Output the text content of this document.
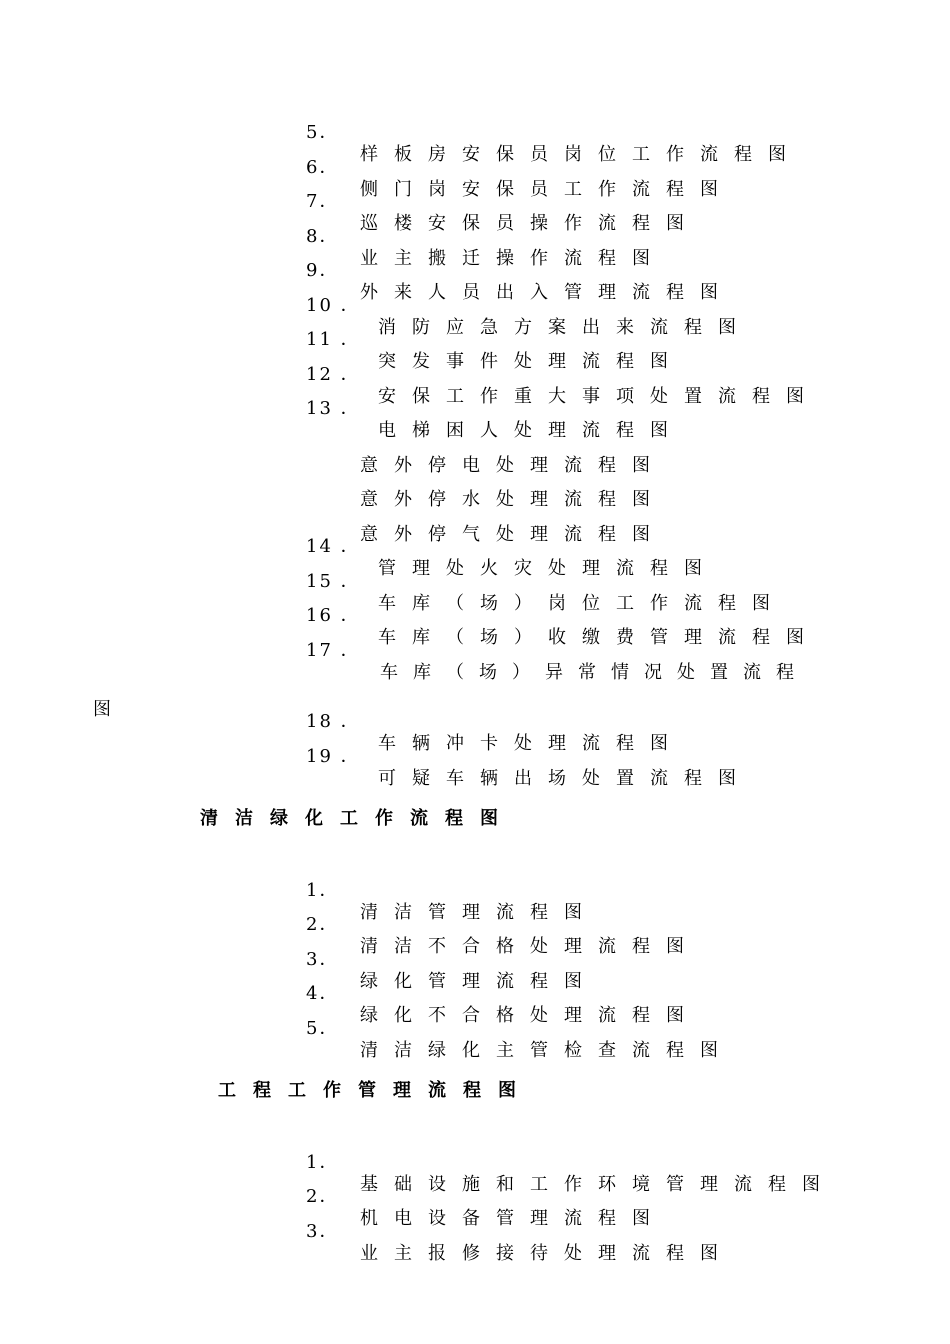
5．

样板房安保员岗位工作流程图

6．

侧门岗安保员工作流程图

7．

巡楼安保员操作流程图

8．

业主搬迁操作流程图

9．

外来人员出入管理流程图

10 ．

消防应急方案出来流程图

11 ．

突发事件处理流程图

12 ．

安保工作重大事项处置流程图

13 ．

电梯困人处理流程图

意外停电处理流程图

意外停水处理流程图

意外停气处理流程图

14 ．

管理处火灾处理流程图

15 ．

车库（场）岗位工作流程图

16 ．

车库（场）收缴费管理流程图

17 ．

车库（场）异常情况处置流程

图

18 ．

车辆冲卡处理流程图

19 ．

可疑车辆出场处置流程图

清洁绿化工作流程图

1．

清洁管理流程图

2．

清洁不合格处理流程图

3．

绿化管理流程图

4．

绿化不合格处理流程图

5．

清洁绿化主管检查流程图

工程工作管理流程图

1．

基础设施和工作环境管理流程图

2．

机电设备管理流程图

3．

业主报修接待处理流程图
